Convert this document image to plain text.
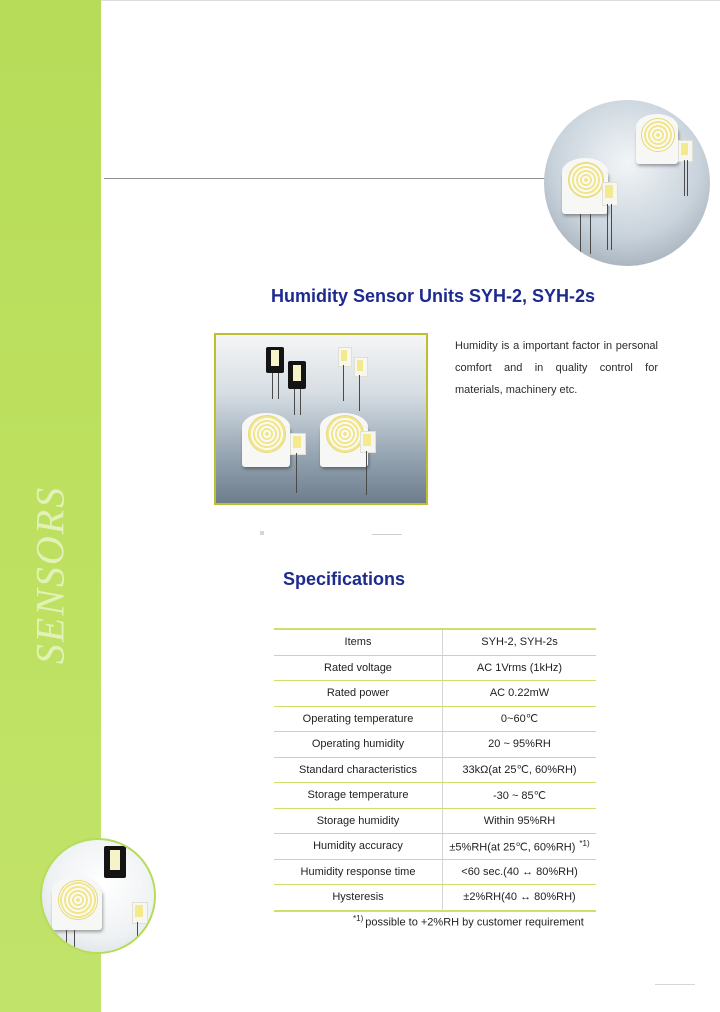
SENSORS
Humidity Sensor Units SYH-2, SYH-2s

Humidity is a important factor in personal comfort and in quality control for materials, machinery etc.

Specifications
Items	SYH-2, SYH-2s
Rated voltage	AC 1Vrms (1kHz)
Rated power	AC 0.22mW
Operating temperature	0~60℃
Operating humidity	20 ~ 95%RH
Standard characteristics	33kΩ(at 25℃, 60%RH)
Storage temperature	-30 ~ 85℃
Storage humidity	Within 95%RH
Humidity accuracy	±5%RH(at 25℃, 60%RH) $^{*1)}$
Humidity response time	<60 sec.(40 ↔ 80%RH)
Hysteresis	±2%RH(40 ↔ 80%RH)

$^{*1)}$ possible to +2%RH by customer requirement
